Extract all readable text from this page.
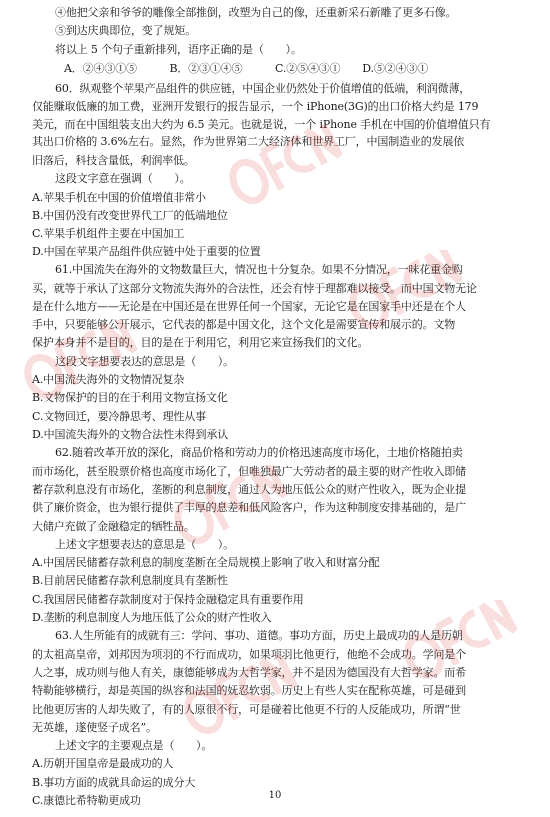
④他把父亲和爷爷的雕像全部推倒，改塑为自己的像，还重新采石新雕了更多石像。
⑤到达庆典即位，变了规矩。
将以上 5 个句子重新排列，语序正确的是（　　）。
A．②④③①⑤　　　B．②③①④⑤　　　C.②⑤④③①　　D.⑤②④③①
60．纵观整个苹果产品组件的供应链，中国企业仍然处于价值增值的低端，利润微薄，
仅能赚取低廉的加工费，亚洲开发银行的报告显示，一个 iPhone(3G)的出口价格大约是 179
美元，而在中国组装支出大约为 6.5 美元。也就是说，一个 iPhone 手机在中国的价值增值只有
其出口价格的 3.6%左右。显然，作为世界第二大经济体和世界工厂，中国制造业的发展依
旧落后，科技含量低，利润率低。
这段文字意在强调（　　）。
A.苹果手机在中国的价值增值非常小
B.中国仍没有改变世界代工厂的低端地位
C.苹果手机组件主要在中国加工
D.中国在苹果产品组件供应链中处于重要的位置
61.中国流失在海外的文物数量巨大，情况也十分复杂。如果不分情况，一味花重金购
买，就等于承认了这部分文物流失海外的合法性，还会有悖于理都难以接受。而中国文物无论
是在什么地方——无论是在中国还是在世界任何一个国家，无论它是在国家手中还是在个人
手中，只要能够公开展示，它代表的都是中国文化，这个文化是需要宣传和展示的。文物
保护本身并不是目的，目的是在于利用它，利用它来宣扬我们的文化。
这段文字想要表达的意思是（　　）。
A.中国流失海外的文物情况复杂
B.文物保护的目的在于利用文物宣扬文化
C.文物回迁，要冷静思考、理性从事
D.中国流失海外的文物合法性未得到承认
62.随着改革开放的深化，商品价格和劳动力的价格迅速高度市场化，土地价格随拍卖
而市场化，甚至股票价格也高度市场化了，但唯独最广大劳动者的最主要的财产性收入即储
蓄存款利息没有市场化，垄断的利息制度，通过人为地压低公众的财产性收入，既为企业提
供了廉价资金，也为银行提供了丰厚的息差和低风险客户，作为这种制度安排基础的，是广
大储户充做了金融稳定的牺牲品。
上述文字想要表达的意思是（　　）。
A.中国居民储蓄存款利息的制度垄断在全局规模上影响了收入和财富分配
B.目前居民储蓄存款利息制度具有垄断性
C.我国居民储蓄存款制度对于保持金融稳定具有重要作用
D.垄断的利息制度人为地压低了公众的财产性收入
63.人生所能有的成就有三：学问、事功、道德。事功方面，历史上最成功的人是历朝
的太祖高皇帝，刘邦因为项羽的不行而成功，如果项羽比他更行，他绝不会成功。学问是个
人之事，成功则与他人有关，康德能够成为大哲学家，并不是因为德国没有大哲学家。而希
特勒能够横行，却是英国的纵容和法国的妩忍软弱。历史上有些人实在配称英雄，可是碰到
比他更厉害的人却失败了，有的人原很不行，可是碰着比他更不行的人反能成功，所谓“世
无英雄，遂使竖子成名”。
上述文字的主要观点是（　　）。
A.历朝开国皇帝是最成功的人
B.事功方面的成就具命运的成分大
C.康德比希特勒更成功	10
